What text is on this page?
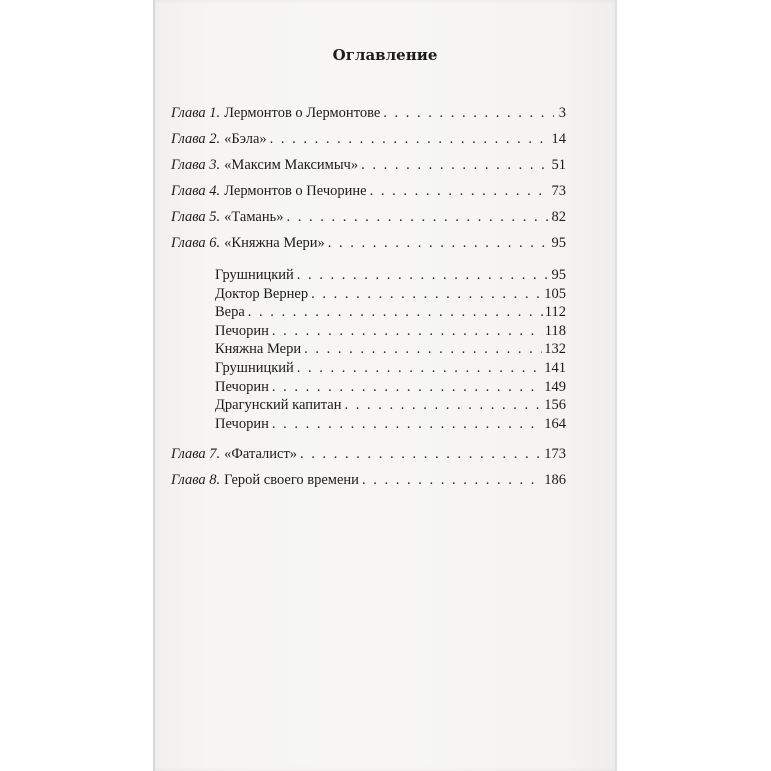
Оглавление
Глава 1. Лермонтов о Лермонтове . . .	3
Глава 2. «Бэла» . . .	14
Глава 3. «Максим Максимыч» . . .	51
Глава 4. Лермонтов о Печорине . . .	73
Глава 5. «Тамань» . . .	82
Глава 6. «Княжна Мери» . . .	95
Грушницкий . . .	95
Доктор Вернер . . .	105
Вера . . .	112
Печорин . . .	118
Княжна Мери . . .	132
Грушницкий . . .	141
Печорин . . .	149
Драгунский капитан . . .	156
Печорин . . .	164
Глава 7. «Фаталист» . . .	173
Глава 8. Герой своего времени . . .	186
